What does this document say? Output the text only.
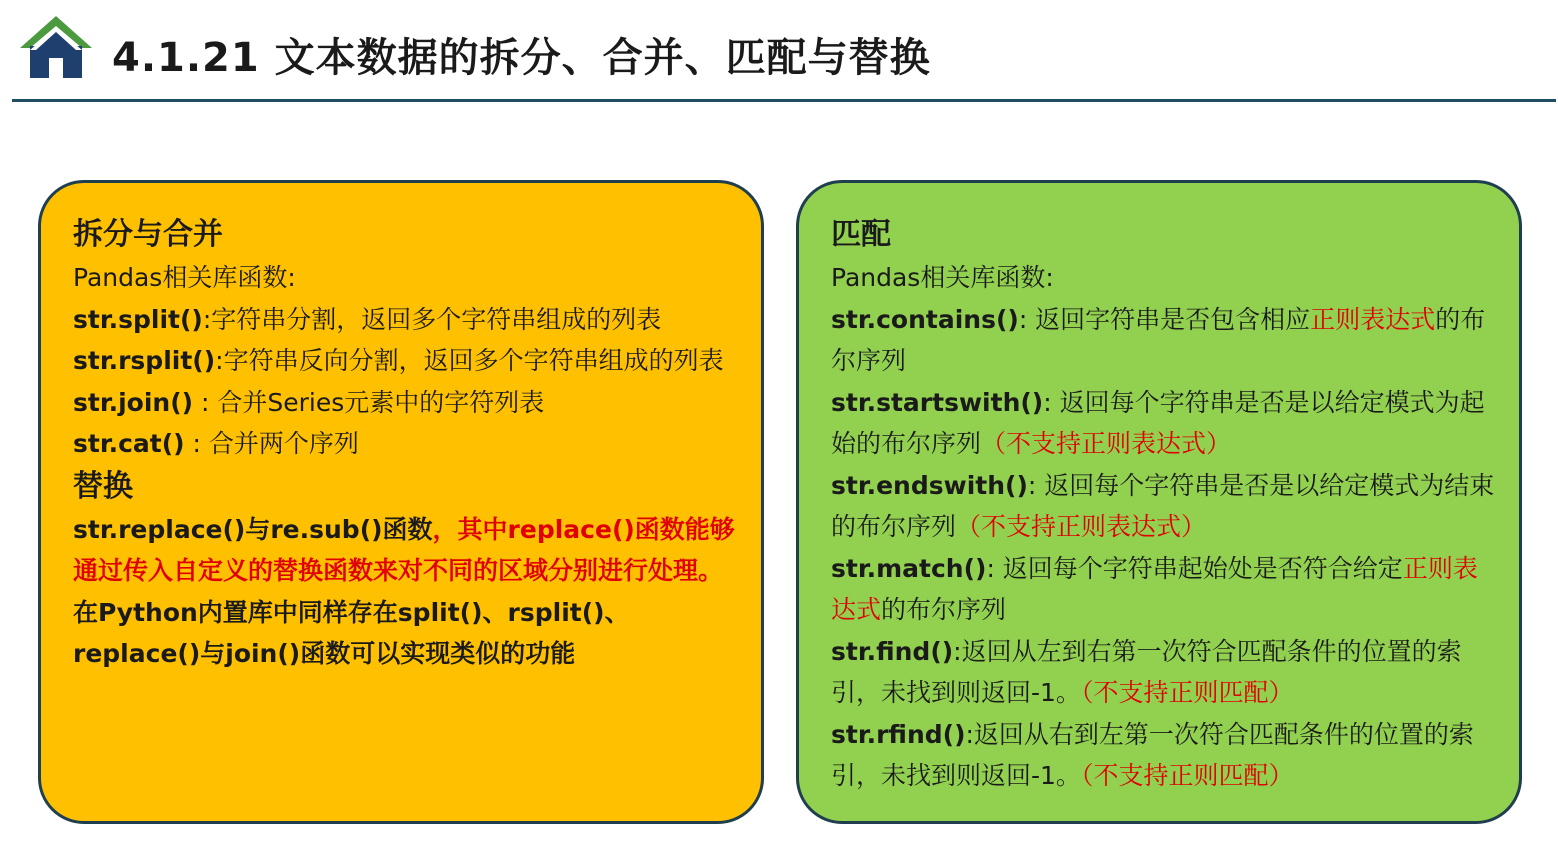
4.1.21 文本数据的拆分、合并、匹配与替换

拆分与合并

Pandas相关库函数:

str.split():字符串分割，返回多个字符串组成的列表

str.rsplit():字符串反向分割，返回多个字符串组成的列表

str.join() : 合并Series元素中的字符列表

str.cat() : 合并两个序列

替换

str.replace()与re.sub()函数，其中replace()函数能够通过传入自定义的替换函数来对不同的区域分别进行处理。

在Python内置库中同样存在split()、rsplit()、replace()与join()函数可以实现类似的功能

匹配

Pandas相关库函数:

str.contains(): 返回字符串是否包含相应正则表达式的布尔序列

str.startswith(): 返回每个字符串是否是以给定模式为起始的布尔序列（不支持正则表达式）

str.endswith(): 返回每个字符串是否是以给定模式为结束的布尔序列（不支持正则表达式）

str.match(): 返回每个字符串起始处是否符合给定正则表达式的布尔序列

str.find():返回从左到右第一次符合匹配条件的位置的索引，未找到则返回-1。（不支持正则匹配）

str.rfind():返回从右到左第一次符合匹配条件的位置的索引，未找到则返回-1。（不支持正则匹配）
